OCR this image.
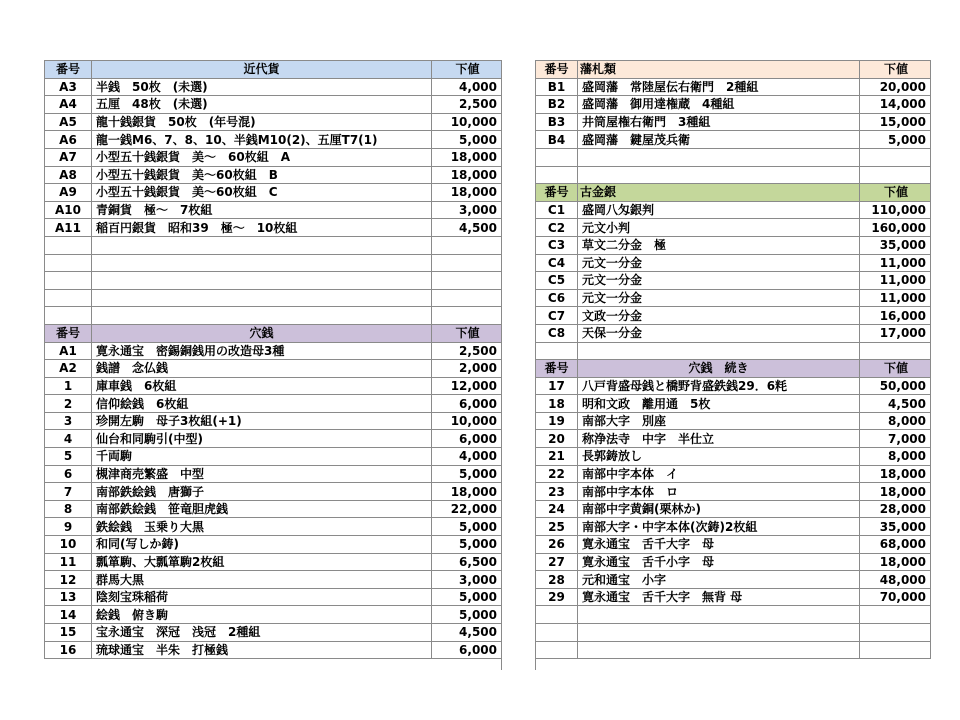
番号	近代貨	下値
A3	半銭　50枚　(未選)	4,000
A4	五厘　48枚　(未選)	2,500
A5	龍十銭銀貨　50枚　(年号混)	10,000
A6	龍一銭M6、7、8、10、半銭M10(2)、五厘T7(1)	5,000
A7	小型五十銭銀貨　美～　60枚組　A	18,000
A8	小型五十銭銀貨　美～60枚組　B	18,000
A9	小型五十銭銀貨　美～60枚組　C	18,000
A10	青銅貨　極～　7枚組	3,000
A11	稲百円銀貨　昭和39　極～　10枚組	4,500

番号	穴銭	下値
A1	寛永通宝　密錫銅銭用の改造母3種	2,500
A2	銭譜　念仏銭	2,000
1	庫車銭　6枚組	12,000
2	信仰絵銭　6枚組	6,000
3	珍開左駒　母子3枚組(+1)	10,000
4	仙台和同駒引(中型)	6,000
5	千両駒	4,000
6	槻津商売繁盛　中型	5,000
7	南部鉄絵銭　唐獅子	18,000
8	南部鉄絵銭　笹竜胆虎銭	22,000
9	鉄絵銭　玉乗り大黒	5,000
10	和同(写しか鋳)	5,000
11	瓢箪駒、大瓢箪駒2枚組	6,500
12	群馬大黒	3,000
13	陰刻宝珠稲荷	5,000
14	絵銭　俯き駒	5,000
15	宝永通宝　深冠　浅冠　2種組	4,500
16	琉球通宝　半朱　打極銭	6,000
番号	藩札類	下値
B1	盛岡藩　常陸屋伝右衛門　2種組	20,000
B2	盛岡藩　御用達権蔵　4種組	14,000
B3	井筒屋権右衛門　3種組	15,000
B4	盛岡藩　鍵屋茂兵衛	5,000

番号	古金銀	下値
C1	盛岡八匁銀判	110,000
C2	元文小判	160,000
C3	草文二分金　極	35,000
C4	元文一分金	11,000
C5	元文一分金	11,000
C6	元文一分金	11,000
C7	文政一分金	16,000
C8	天保一分金	17,000

番号	穴銭　続き	下値
17	八戸背盛母銭と橋野背盛鉄銭29．6粍	50,000
18	明和文政　離用通　5枚	4,500
19	南部大字　別座	8,000
20	称浄法寺　中字　半仕立	7,000
21	長郭鋳放し	8,000
22	南部中字本体　イ	18,000
23	南部中字本体　ロ	18,000
24	南部中字黄銅(栗林か)	28,000
25	南部大字・中字本体(次鋳)2枚組	35,000
26	寛永通宝　舌千大字　母	68,000
27	寛永通宝　舌千小字　母	18,000
28	元和通宝　小字	48,000
29	寛永通宝　舌千大字　無背 母	70,000
